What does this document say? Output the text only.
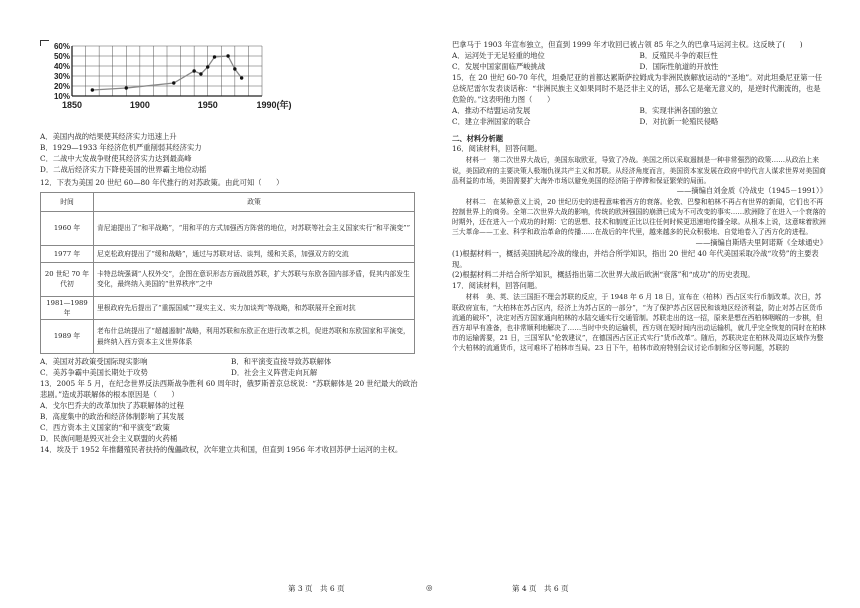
10%
20%
30%
40%
50%
60%
1850	1900	1950	1990(年)

A．美国内战的结果使其经济实力迅速上升

B．1929—1933 年经济危机严重削弱其经济实力

C．二战中大发战争财使其经济实力达到最高峰

D．二战后经济实力下降使美国的世界霸主地位动摇

12．下表为美国 20 世纪 60—80 年代推行的对苏政策。由此可知（　　）

时间	政策
1960 年	肯尼迪提出了“和平战略”，“用和平的方式加强西方阵营的地位，对苏联等社会主义国家实行“和平演变””
1977 年	尼克松政府提出了“缓和战略”，通过与苏联对话、谈判，缓和关系，加强双方的交流
20 世纪 70 年代初	卡特总统强调“人权外交”，企图在意识形态方面战胜苏联，扩大苏联与东欧各国内部矛盾，促其内部发生变化，最终纳入美国的“世界秩序”之中
1981—1989 年	里根政府先后提出了“重振国威”“现实主义、实力加谈判”等战略，和苏联展开全面对抗
1989 年	老布什总统提出了“超越遏制”战略，利用苏联和东欧正在进行改革之机，促进苏联和东欧国家和平演变，最终纳入西方资本主义世界体系
A．美国对苏政策受国际现实影响	B．和平演变直接导致苏联解体
C．美苏争霸中美国长期处于攻势	D．社会主义阵营走向瓦解

13．2005 年 5 月，在纪念世界反法西斯战争胜利 60 周年时，俄罗斯普京总统说：“苏联解体是 20 世纪最大的政治悲剧。”造成苏联解体的根本原因是（　　）

A．戈尔巴乔夫的改革加快了苏联解体的过程

B．高度集中的政治和经济体制影响了其发展

C．西方资本主义国家的“和平演变”政策

D．民族问题是毁灭社会主义联盟的火药桶

14．埃及于 1952 年推翻殖民者扶持的傀儡政权，次年建立共和国，但直到 1956 年才收回苏伊士运河的主权。

巴拿马于 1903 年宣布独立，但直到 1999 年才收回已被占领 85 年之久的巴拿马运河主权。这反映了(　　)

A．运河处于无足轻重的地位	B．反殖民斗争的艰巨性
C．发展中国家面临严峻挑战	D．国际性航道的开放性

15．在 20 世纪 60-70 年代，坦桑尼亚的首都达累斯萨拉姆成为非洲民族解放运动的“圣地”。对此坦桑尼亚第一任总统尼雷尔发表谈话称：“非洲民族主义如果同时不是泛非主义的话，那么它是毫无意义的，是逆时代潮流的，也是危险的。”这表明他力图（　　）

A．推动不结盟运动发展	B．实现非洲各国的独立
C．建立非洲国家的联合	D．对抗新一轮殖民侵略

二、材料分析题

16．阅读材料，回答问题。

材料一　第二次世界大战后，美国东取欧亚，导致了冷战。美国之所以采取遏制是一种非常强烈的政策……从政治上来说，美国政府的主要决策人极端仇视共产主义和苏联。从经济角度而言，美国资本家发展在政府中的代言人谋求世界对美国商品利益的市场，美国需要扩大海外市场以避免美国的经济陷于停滞和保证繁荣的局面。

——摘编自刘金质《冷战史（1945－1991）》

材料二　在某种意义上说，20 世纪历史的进程意味着西方的衰落。伦敦、巴黎和柏林不再占有世界的新闻，它们也不再控制世界上的商务。全第二次世界大战的影响，传统的欧洲强国的崩溃已成为不可改变的事实……欧洲除了在进入一个衰落的时期外，还在进入一个成功的时期：它的思想、技术和制度正比以往任何时候更迅速地传播全球。从根本上说，这意味着欧洲三大革命——工业、科学和政治革命的传播……在战后的年代里，越来越多的民众积极地、自觉地卷入了西方化的进程。

——摘编自斯塔夫里阿诺斯《全球通史》

(1)根据材料一，概括美国挑起冷战的缘由，并结合所学知识，指出 20 世纪 40 年代美国采取冷战“攻势”的主要表现。

(2)根据材料二并结合所学知识，概括指出第二次世界大战后欧洲“衰落”和“成功”的历史表现。

17．阅读材料，回答问题。

材料　美、英、法三国拒不理会苏联的反应，于 1948 年 6 月 18 日，宣布在（柏林）西占区实行币制改革。次日，苏联政府宣布，“大柏林在苏占区内，经济上为苏占区的一部分”，“为了保护苏占区居民和该地区经济利益，防止对苏占区货币流通的破坏”，决定对西方国家通向柏林的水陆交通实行交通管制。苏联走出的这一招，原来是想在西柏林咽喉的一步棋，但西方却早有准备，也非常顺利地解决了……当时中央的运输机，西方则在短时间内出动运输机，就几乎完全恢复的同时在柏林市的运输需要，21 日，三国军队“伦敦建议”，在德国西占区正式实行“货币改革”。随后，苏联决定在柏林及周边区域作为整个大柏林的流通货币，这可难坏了柏林市当局。23 日下午，柏林市政府特别会议讨论币制和分区等问题，苏联的

第 3 页　共 6 页	◎	第 4 页　共 6 页
